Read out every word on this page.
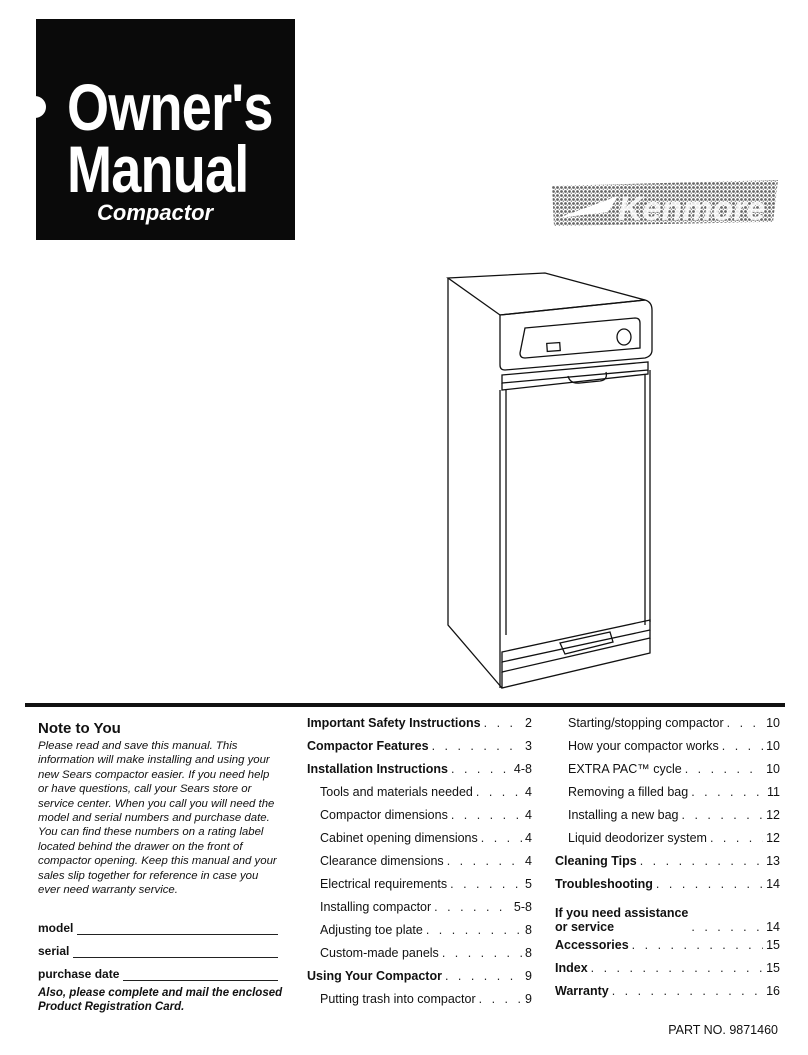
Owner's
Manual
Compactor	Kenmore
Note to You

Please read and save this manual. This information will make installing and using your new Sears compactor easier. If you need help or have questions, call your Sears store or service center. When you call you will need the model and serial numbers and purchase date. You can find these numbers on a rating label located behind the drawer on the front of compactor opening. Keep this manual and your sales slip together for reference in case you ever need warranty service.

model
serial
purchase date
Also, please complete and mail the enclosed Product Registration Card.
Important Safety Instructions . . .	2
Compactor Features . . .	3
Installation Instructions . . .	4-8
Tools and materials needed . . .	4
Compactor dimensions . . .	4
Cabinet opening dimensions . . .	4
Clearance dimensions . . .	4
Electrical requirements . . .	5
Installing compactor . . .	5-8
Adjusting toe plate . . .	8
Custom-made panels . . .	8
Using Your Compactor . . .	9
Putting trash into compactor . . .	9
Starting/stopping compactor . . .	10
How your compactor works . . .	10
EXTRA PAC™ cycle . . .	10
Removing a filled bag . . .	11
Installing a new bag . . .	12
Liquid deodorizer system . . .	12
Cleaning Tips . . .	13
Troubleshooting . . .	14
If you need assistance
or service . . .	14
Accessories . . .	15
Index . . .	15
Warranty . . .	16
PART NO. 9871460
